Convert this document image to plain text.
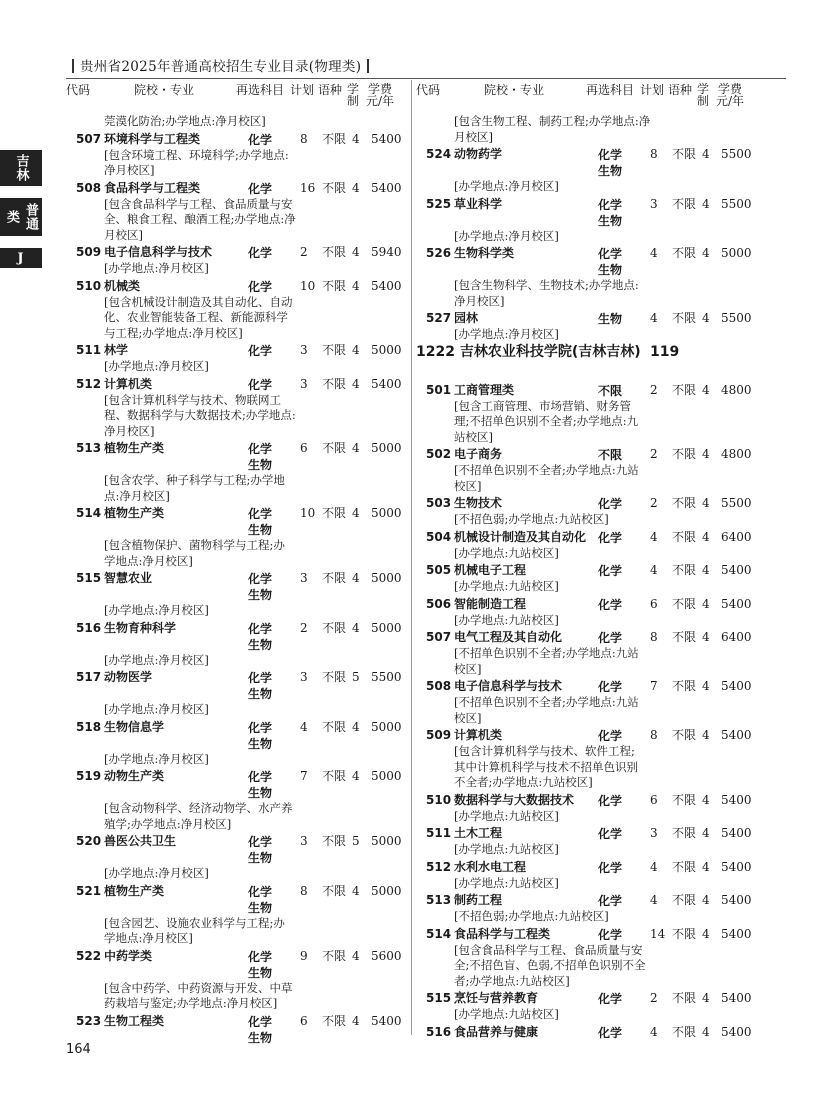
贵州省2025年普通高校招生专业目录(物理类)
吉林
普通类
J
代码	院校・专业	再选科目 计划 语种 学
制
学费
元/年
莞漠化防治;办学地点:净月校区]
507 环境科学与工程类	化学	8 不限 4 5400
[包含环境工程、环境科学;办学地点:净月校区]
508 食品科学与工程类	化学	16 不限 4 5400
[包含食品科学与工程、食品质量与安全、粮食工程、酿酒工程;办学地点:净月校区]
509 电子信息科学与技术	化学	2 不限 4 5940
[办学地点:净月校区]
510 机械类	化学	10 不限 4 5400
[包含机械设计制造及其自动化、自动化、农业智能装备工程、新能源科学与工程;办学地点:净月校区]
511 林学	化学	3 不限 4 5000
[办学地点:净月校区]
512 计算机类	化学	3 不限 4 5400
[包含计算机科学与技术、物联网工程、数据科学与大数据技术;办学地点:净月校区]
513 植物生产类	化学
生物
6 不限 4 5000
[包含农学、种子科学与工程;办学地点:净月校区]
514 植物生产类	化学
生物
10 不限 4 5000
[包含植物保护、菌物科学与工程;办学地点:净月校区]
515 智慧农业	化学
生物
3 不限 4 5000
[办学地点:净月校区]
516 生物育种科学	化学
生物
2 不限 4 5000
[办学地点:净月校区]
517 动物医学	化学
生物
3 不限 5 5500
[办学地点:净月校区]
518 生物信息学	化学
生物
4 不限 4 5000
[办学地点:净月校区]
519 动物生产类	化学
生物
7 不限 4 5000
[包含动物科学、经济动物学、水产养殖学;办学地点:净月校区]
520 兽医公共卫生	化学
生物
3 不限 5 5000
[办学地点:净月校区]
521 植物生产类	化学
生物
8 不限 4 5000
[包含园艺、设施农业科学与工程;办学地点:净月校区]
522 中药学类	化学
生物
9 不限 4 5600
[包含中药学、中药资源与开发、中草药栽培与鉴定;办学地点:净月校区]
523 生物工程类	化学
生物
6 不限 4 5400
代码	院校・专业	再选科目 计划 语种 学
制
学费
元/年
[包含生物工程、制药工程;办学地点:净月校区]
524 动物药学	化学
生物
8 不限 4 5500
[办学地点:净月校区]
525 草业科学	化学
生物
3 不限 4 5500
[办学地点:净月校区]
526 生物科学类	化学
生物
4 不限 4 5000
[包含生物科学、生物技术;办学地点:净月校区]
527 园林	生物	4 不限 4 5500
[办学地点:净月校区]
1222 吉林农业科技学院(吉林吉林) 119
501 工商管理类	不限	2 不限 4 4800
[包含工商管理、市场营销、财务管理;不招单色识别不全者;办学地点:九站校区]
502 电子商务	不限	2 不限 4 4800
[不招单色识别不全者;办学地点:九站校区]
503 生物技术	化学	2 不限 4 5500
[不招色弱;办学地点:九站校区]
504 机械设计制造及其自动化 化学	4 不限 4 6400
[办学地点:九站校区]
505 机械电子工程	化学	4 不限 4 5400
[办学地点:九站校区]
506 智能制造工程	化学	6 不限 4 5400
[办学地点:九站校区]
507 电气工程及其自动化	化学	8 不限 4 6400
[不招单色识别不全者;办学地点:九站校区]
508 电子信息科学与技术	化学	7 不限 4 5400
[不招单色识别不全者;办学地点:九站校区]
509 计算机类	化学	8 不限 4 5400
[包含计算机科学与技术、软件工程;其中计算机科学与技术不招单色识别不全者;办学地点:九站校区]
510 数据科学与大数据技术 化学	6 不限 4 5400
[办学地点:九站校区]
511 土木工程	化学	3 不限 4 5400
[办学地点:九站校区]
512 水利水电工程	化学	4 不限 4 5400
[办学地点:九站校区]
513 制药工程	化学	4 不限 4 5400
[不招色弱;办学地点:九站校区]
514 食品科学与工程类	化学	14 不限 4 5400
[包含食品科学与工程、食品质量与安全;不招色盲、色弱,不招单色识别不全者;办学地点:九站校区]
515 烹饪与营养教育	化学	2 不限 4 5400
[办学地点:九站校区]
516 食品营养与健康	化学	4 不限 4 5400
164
